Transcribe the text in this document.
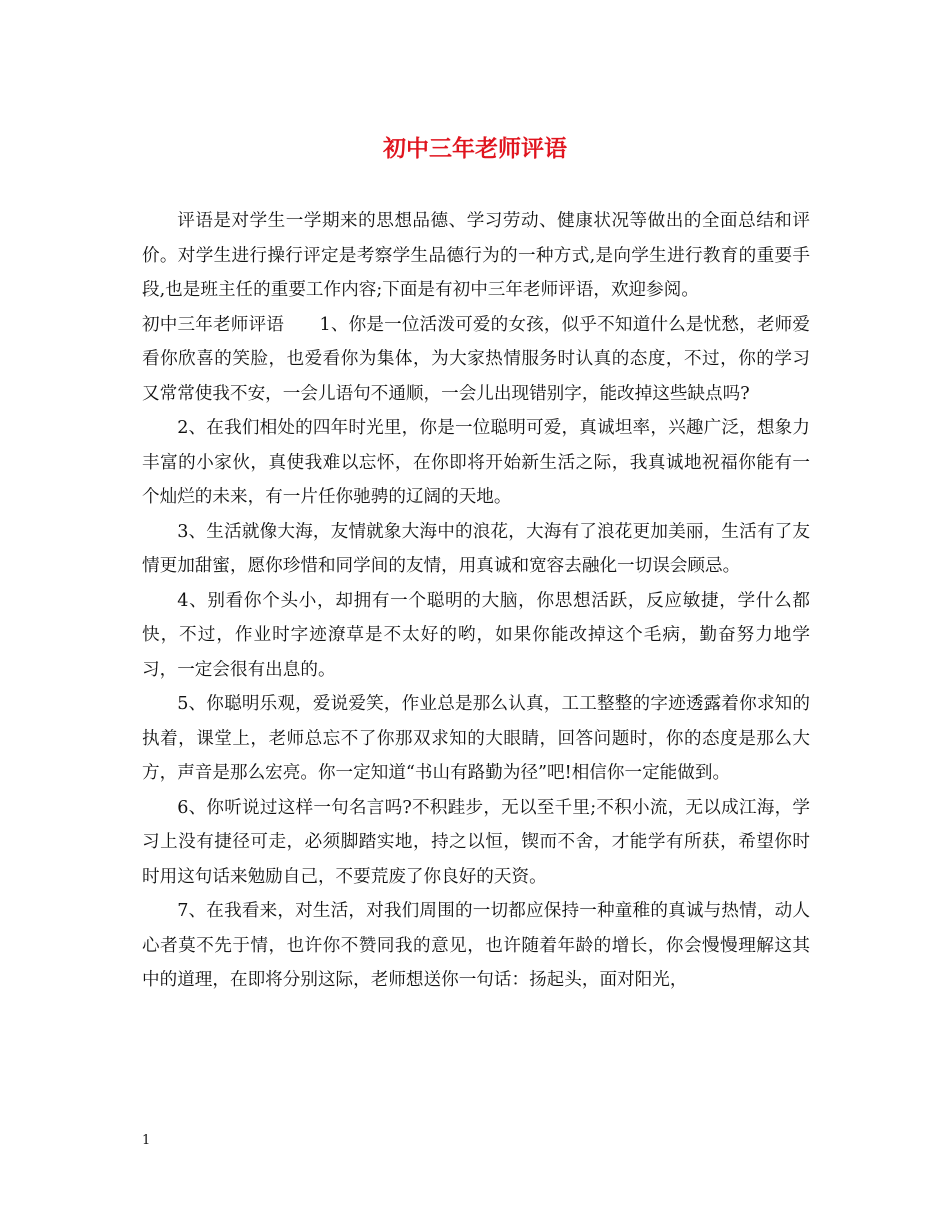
初中三年老师评语

评语是对学生一学期来的思想品德、学习劳动、健康状况等做出的全面总结和评价。对学生进行操行评定是考察学生品德行为的一种方式,是向学生进行教育的重要手段,也是班主任的重要工作内容;下面是有初中三年老师评语，欢迎参阅。

初中三年老师评语　　1、你是一位活泼可爱的女孩，似乎不知道什么是忧愁，老师爱看你欣喜的笑脸，也爱看你为集体，为大家热情服务时认真的态度，不过，你的学习又常常使我不安，一会儿语句不通顺，一会儿出现错别字，能改掉这些缺点吗?

2、在我们相处的四年时光里，你是一位聪明可爱，真诚坦率，兴趣广泛，想象力丰富的小家伙，真使我难以忘怀，在你即将开始新生活之际，我真诚地祝福你能有一个灿烂的未来，有一片任你驰骋的辽阔的天地。

3、生活就像大海，友情就象大海中的浪花，大海有了浪花更加美丽，生活有了友情更加甜蜜，愿你珍惜和同学间的友情，用真诚和宽容去融化一切误会顾忌。

4、别看你个头小，却拥有一个聪明的大脑，你思想活跃，反应敏捷，学什么都快，不过，作业时字迹潦草是不太好的哟，如果你能改掉这个毛病，勤奋努力地学习，一定会很有出息的。

5、你聪明乐观，爱说爱笑，作业总是那么认真，工工整整的字迹透露着你求知的执着，课堂上，老师总忘不了你那双求知的大眼睛，回答问题时，你的态度是那么大方，声音是那么宏亮。你一定知道“书山有路勤为径”吧!相信你一定能做到。

6、你听说过这样一句名言吗?不积跬步，无以至千里;不积小流，无以成江海，学习上没有捷径可走，必须脚踏实地，持之以恒，锲而不舍，才能学有所获，希望你时时用这句话来勉励自己，不要荒废了你良好的天资。

7、在我看来，对生活，对我们周围的一切都应保持一种童稚的真诚与热情，动人心者莫不先于情，也许你不赞同我的意见，也许随着年龄的增长，你会慢慢理解这其中的道理，在即将分别这际，老师想送你一句话：扬起头，面对阳光，

1
